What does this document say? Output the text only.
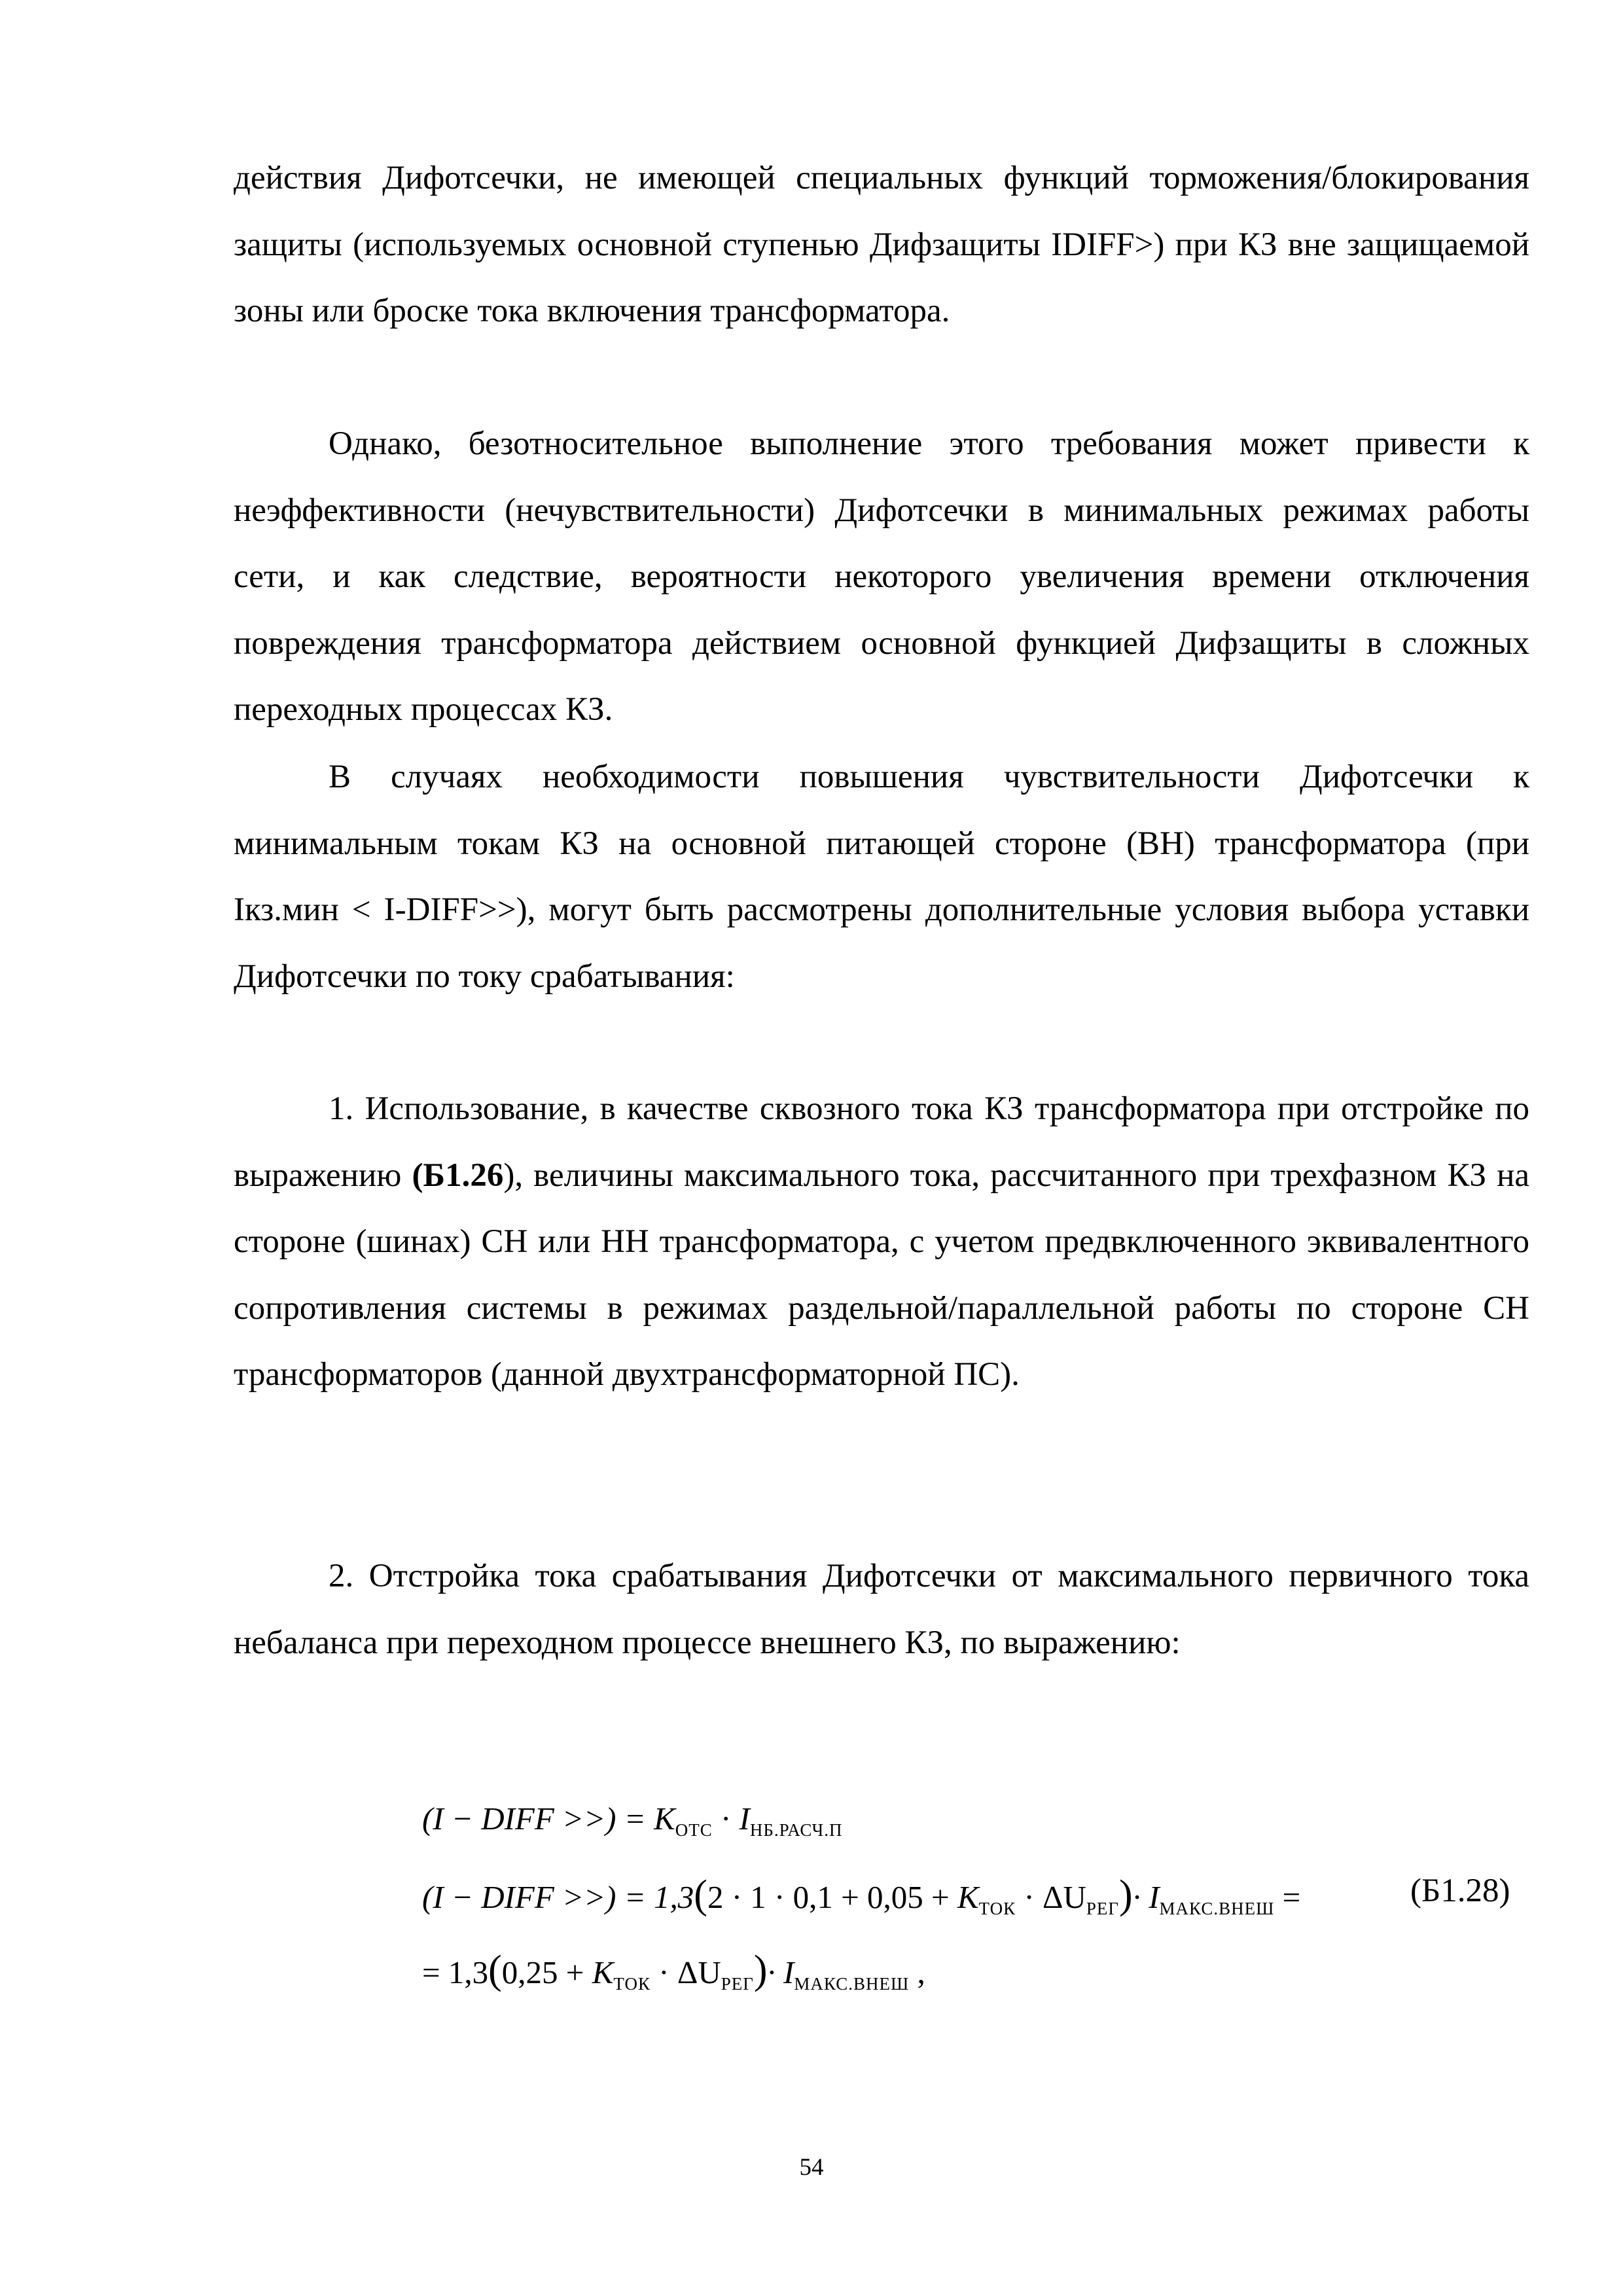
действия Дифотсечки, не имеющей специальных функций торможения/блокирования защиты (используемых основной ступенью Дифзащиты IDIFF>) при КЗ вне защищаемой зоны или броске тока включения трансформатора.

Однако, безотносительное выполнение этого требования может привести к неэффективности (нечувствительности) Дифотсечки в минимальных режимах работы сети, и как следствие, вероятности некоторого увеличения времени отключения повреждения трансформатора действием основной функцией Дифзащиты в сложных переходных процессах КЗ.

В случаях необходимости повышения чувствительности Дифотсечки к минимальным токам КЗ на основной питающей стороне (ВН) трансформатора (при Iкз.мин < I-DIFF>>), могут быть рассмотрены дополнительные условия выбора уставки Дифотсечки по току срабатывания:

1. Использование, в качестве сквозного тока КЗ трансформатора при отстройке по выражению (Б1.26), величины максимального тока, рассчитанного при трехфазном КЗ на стороне (шинах) СН или НН трансформатора, с учетом предвключенного эквивалентного сопротивления системы в режимах раздельной/параллельной работы по стороне СН трансформаторов (данной двухтрансформаторной ПС).

2. Отстройка тока срабатывания Дифотсечки от максимального первичного тока небаланса при переходном процессе внешнего КЗ, по выражению:

(I − DIFF >>) = $K_{ОТС} \cdot I_{НБ.РАСЧ.П}$
(I − DIFF >>) = $1,3(2 \cdot 1 \cdot 0,1 + 0,05 + K_{ТОК} \cdot \Delta U_{РЕГ})\cdot I_{МАКС.ВНЕШ}$ =	(Б1.28)
= $1,3(0,25 + K_{ТОК} \cdot \Delta U_{РЕГ})\cdot I_{МАКС.ВНЕШ}$ ,
54
